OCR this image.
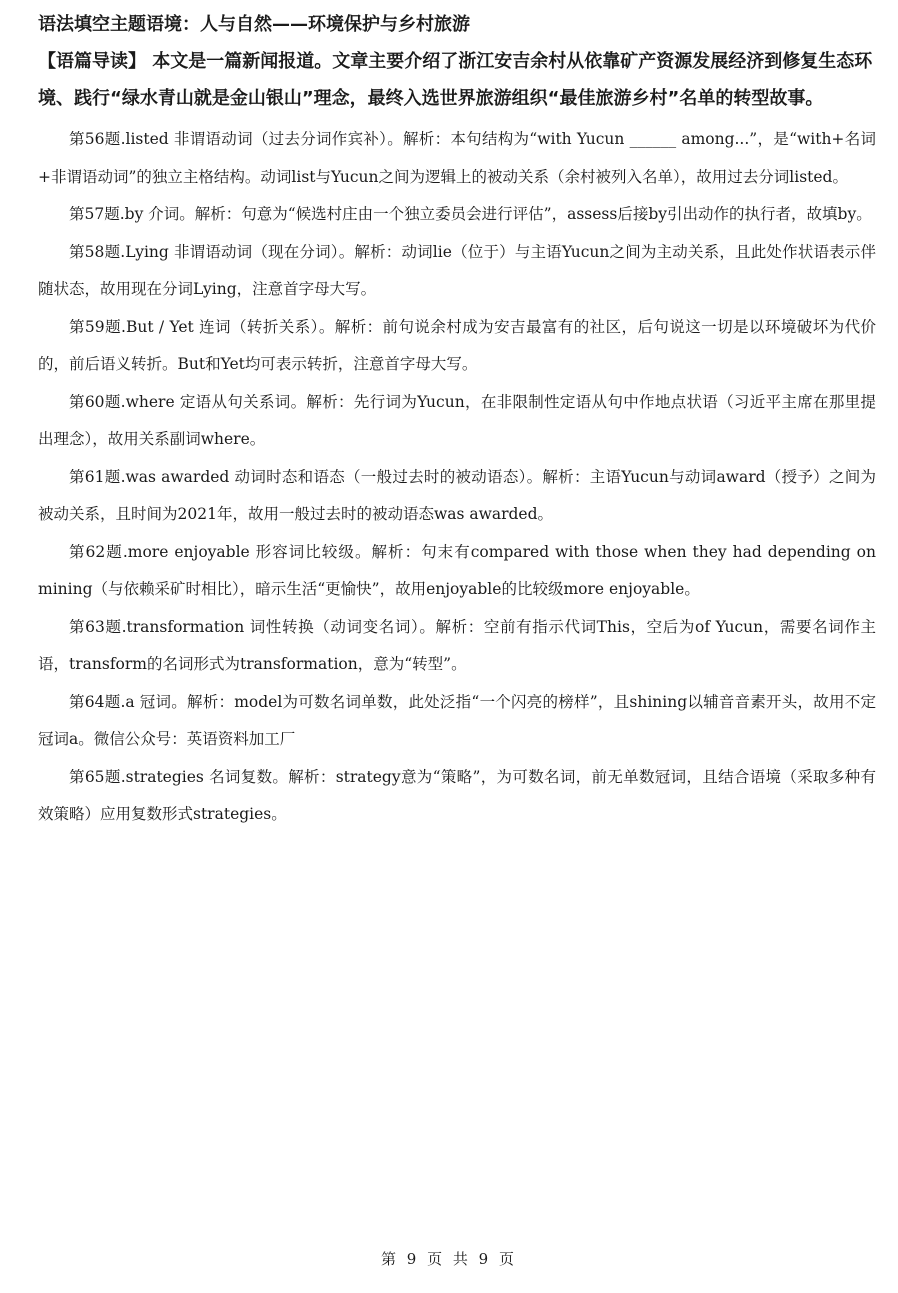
语法填空主题语境：人与自然——环境保护与乡村旅游

【语篇导读】 本文是一篇新闻报道。文章主要介绍了浙江安吉余村从依靠矿产资源发展经济到修复生态环境、践行“绿水青山就是金山银山”理念，最终入选世界旅游组织“最佳旅游乡村”名单的转型故事。

第56题.listed 非谓语动词（过去分词作宾补）。解析：本句结构为“with Yucun ______ among...”，是“with+名词+非谓语动词”的独立主格结构。动词list与Yucun之间为逻辑上的被动关系（余村被列入名单），故用过去分词listed。

第57题.by 介词。解析：句意为“候选村庄由一个独立委员会进行评估”，assess后接by引出动作的执行者，故填by。

第58题.Lying 非谓语动词（现在分词）。解析：动词lie（位于）与主语Yucun之间为主动关系，且此处作状语表示伴随状态，故用现在分词Lying，注意首字母大写。

第59题.But / Yet 连词（转折关系）。解析：前句说余村成为安吉最富有的社区，后句说这一切是以环境破坏为代价的，前后语义转折。But和Yet均可表示转折，注意首字母大写。

第60题.where 定语从句关系词。解析：先行词为Yucun，在非限制性定语从句中作地点状语（习近平主席在那里提出理念），故用关系副词where。

第61题.was awarded 动词时态和语态（一般过去时的被动语态）。解析：主语Yucun与动词award（授予）之间为被动关系，且时间为2021年，故用一般过去时的被动语态was awarded。

第62题.more enjoyable 形容词比较级。解析：句末有compared with those when they had depending on mining（与依赖采矿时相比），暗示生活“更愉快”，故用enjoyable的比较级more enjoyable。

第63题.transformation 词性转换（动词变名词）。解析：空前有指示代词This，空后为of Yucun，需要名词作主语，transform的名词形式为transformation，意为“转型”。

第64题.a 冠词。解析：model为可数名词单数，此处泛指“一个闪亮的榜样”，且shining以辅音音素开头，故用不定冠词a。微信公众号：英语资料加工厂

第65题.strategies 名词复数。解析：strategy意为“策略”，为可数名词，前无单数冠词，且结合语境（采取多种有效策略）应用复数形式strategies。

第 9 页 共 9 页
